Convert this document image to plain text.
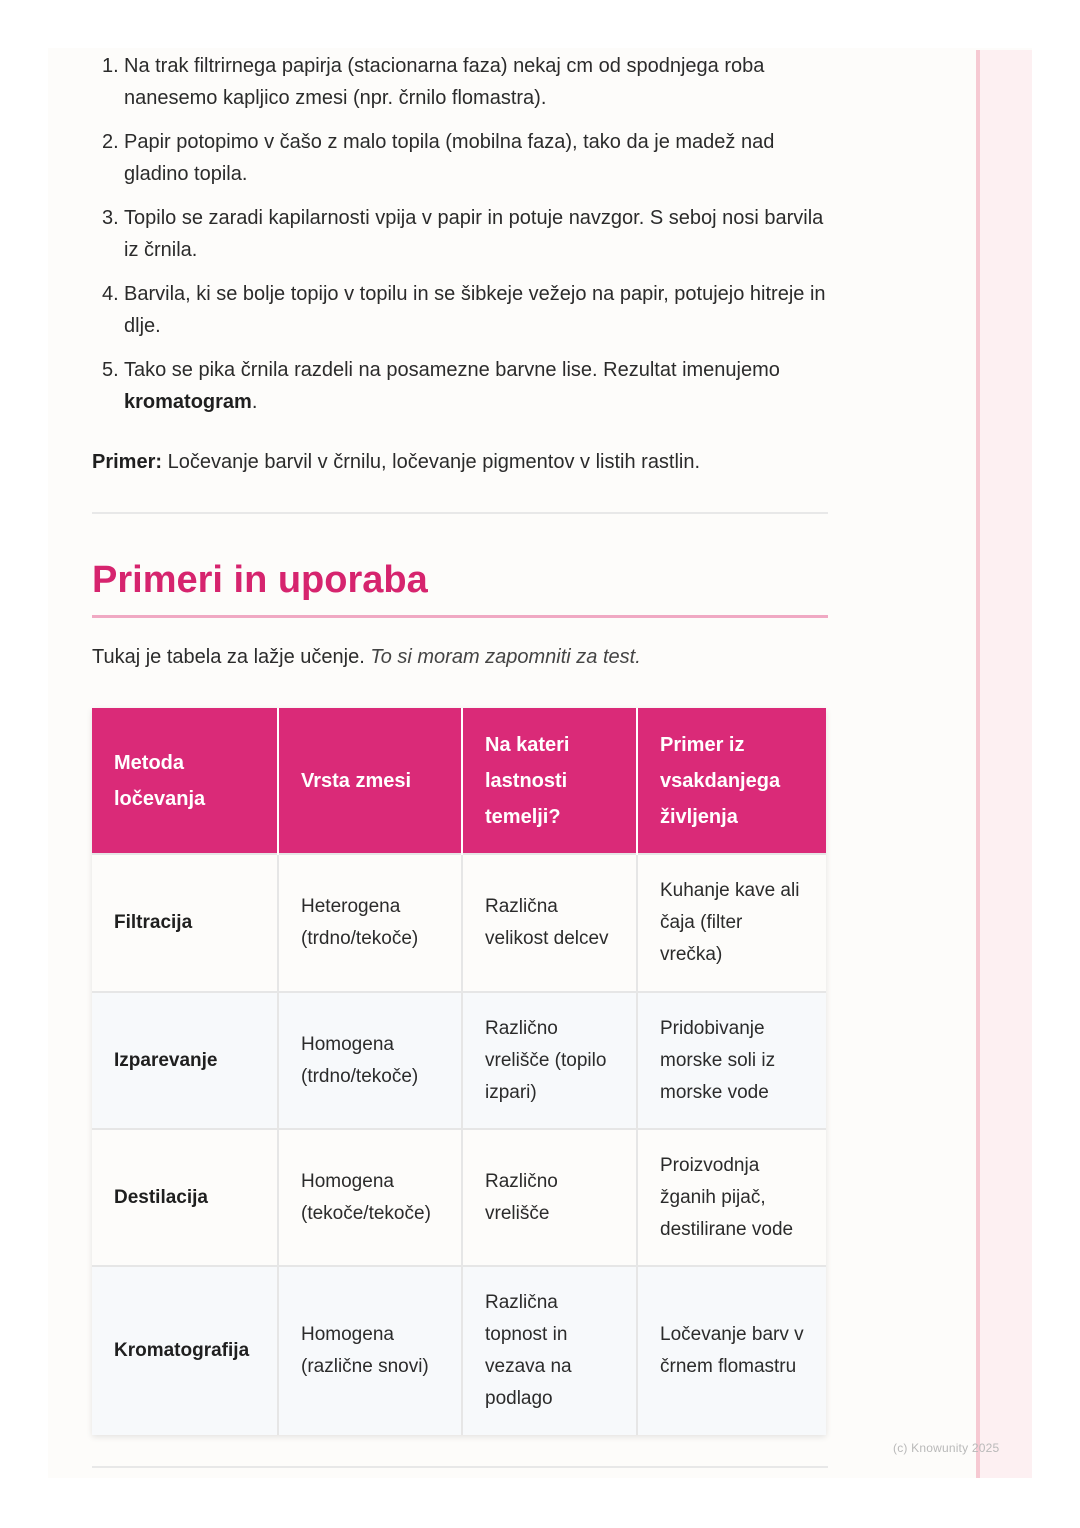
1. Na trak filtrirnega papirja (stacionarna faza) nekaj cm od spodnjega roba nanesemo kapljico zmesi (npr. črnilo flomastra).
2. Papir potopimo v čašo z malo topila (mobilna faza), tako da je madež nad gladino topila.
3. Topilo se zaradi kapilarnosti vpija v papir in potuje navzgor. S seboj nosi barvila iz črnila.
4. Barvila, ki se bolje topijo v topilu in se šibkeje vežejo na papir, potujejo hitreje in dlje.
5. Tako se pika črnila razdeli na posamezne barvne lise. Rezultat imenujemo kromatogram.
Primer: Ločevanje barvil v črnilu, ločevanje pigmentov v listih rastlin.
Primeri in uporaba
Tukaj je tabela za lažje učenje. To si moram zapomniti za test.
Metoda ločevanja	Vrsta zmesi	Na kateri lastnosti temelji?	Primer iz vsakdanjega življenja
Filtracija	Heterogena (trdno/tekoče)	Različna velikost delcev	Kuhanje kave ali čaja (filter vrečka)
Izparevanje	Homogena (trdno/tekoče)	Različno vrelišče (topilo izpari)	Pridobivanje morske soli iz morske vode
Destilacija	Homogena (tekoče/tekoče)	Različno vrelišče	Proizvodnja žganih pijač, destilirane vode
Kromatografija	Homogena (različne snovi)	Različna topnost in vezava na podlago	Ločevanje barv v črnem flomastru
(c) Knowunity 2025
